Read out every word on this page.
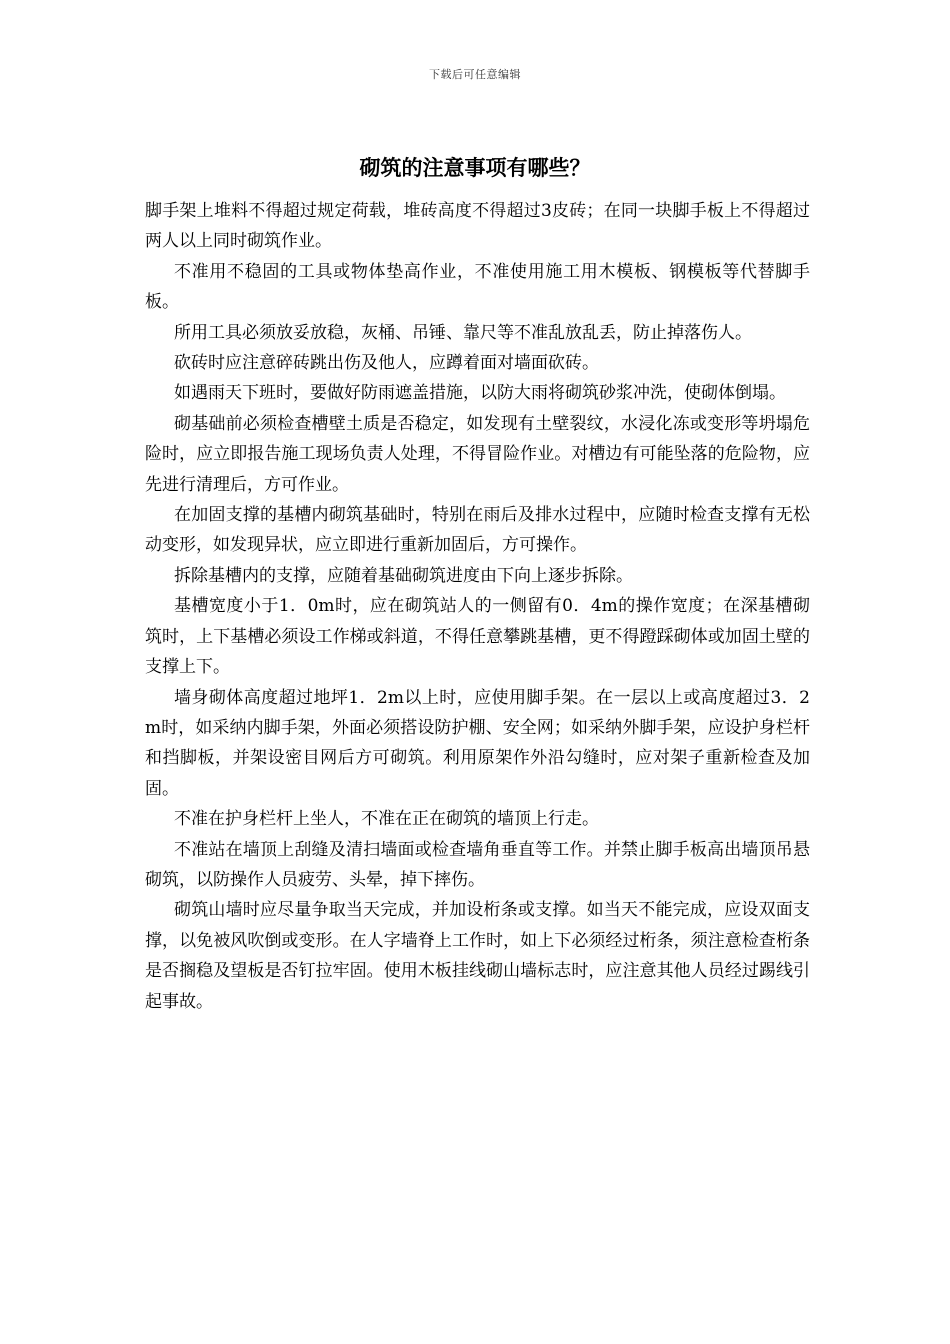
下载后可任意编辑
砌筑的注意事项有哪些？

脚手架上堆料不得超过规定荷载，堆砖高度不得超过3皮砖；在同一块脚手板上不得超过两人以上同时砌筑作业。

不准用不稳固的工具或物体垫高作业，不准使用施工用木模板、钢模板等代替脚手板。

所用工具必须放妥放稳，灰桶、吊锤、靠尺等不准乱放乱丢，防止掉落伤人。

砍砖时应注意碎砖跳出伤及他人，应蹲着面对墙面砍砖。

如遇雨天下班时，要做好防雨遮盖措施，以防大雨将砌筑砂浆冲洗，使砌体倒塌。

砌基础前必须检查槽壁土质是否稳定，如发现有土壁裂纹，水浸化冻或变形等坍塌危险时，应立即报告施工现场负责人处理，不得冒险作业。对槽边有可能坠落的危险物，应先进行清理后，方可作业。

在加固支撑的基槽内砌筑基础时，特别在雨后及排水过程中，应随时检查支撑有无松动变形，如发现异状，应立即进行重新加固后，方可操作。

拆除基槽内的支撑，应随着基础砌筑进度由下向上逐步拆除。

基槽宽度小于1．0m时，应在砌筑站人的一侧留有0．4m的操作宽度；在深基槽砌筑时，上下基槽必须设工作梯或斜道，不得任意攀跳基槽，更不得蹬踩砌体或加固土壁的支撑上下。

墙身砌体高度超过地坪1．2m以上时，应使用脚手架。在一层以上或高度超过3．2m时，如采纳内脚手架，外面必须搭设防护棚、安全网；如采纳外脚手架，应设护身栏杆和挡脚板，并架设密目网后方可砌筑。利用原架作外沿勾缝时，应对架子重新检查及加固。

不准在护身栏杆上坐人，不准在正在砌筑的墙顶上行走。

不准站在墙顶上刮缝及清扫墙面或检查墙角垂直等工作。并禁止脚手板高出墙顶吊悬砌筑，以防操作人员疲劳、头晕，掉下摔伤。

砌筑山墙时应尽量争取当天完成，并加设桁条或支撑。如当天不能完成，应设双面支撑，以免被风吹倒或变形。在人字墙脊上工作时，如上下必须经过桁条，须注意检查桁条是否搁稳及望板是否钉拉牢固。使用木板挂线砌山墙标志时，应注意其他人员经过踢线引起事故。
